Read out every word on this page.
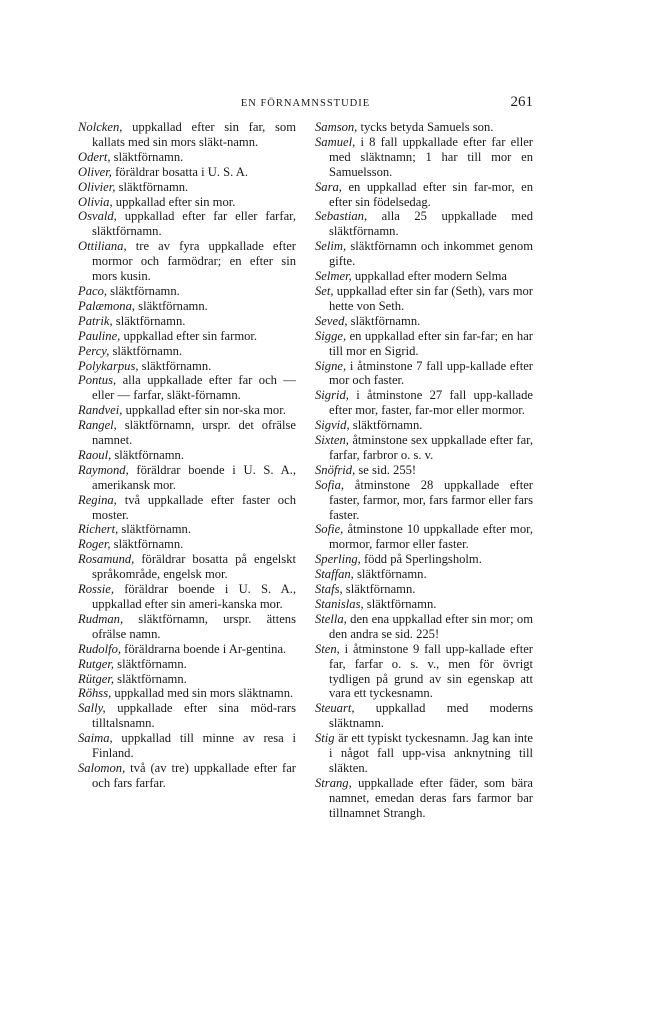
EN FÖRNAMNSSTUDIE	261

Nolcken, uppkallad efter sin far, som kallats med sin mors släkt-namn.

Odert, släktförnamn.

Oliver, föräldrar bosatta i U. S. A.

Olivier, släktförnamn.

Olivia, uppkallad efter sin mor.

Osvald, uppkallad efter far eller farfar, släktförnamn.

Ottiliana, tre av fyra uppkallade efter mormor och farmödrar; en efter sin mors kusin.

Paco, släktförnamn.

Palæmona, släktförnamn.

Patrik, släktförnamn.

Pauline, uppkallad efter sin farmor.

Percy, släktförnamn.

Polykarpus, släktförnamn.

Pontus, alla uppkallade efter far och — eller — farfar, släkt-förnamn.

Randvei, uppkallad efter sin nor-ska mor.

Rangel, släktförnamn, urspr. det ofrälse namnet.

Raoul, släktförnamn.

Raymond, föräldrar boende i U. S. A., amerikansk mor.

Regina, två uppkallade efter faster och moster.

Richert, släktförnamn.

Roger, släktförnamn.

Rosamund, föräldrar bosatta på engelskt språkområde, engelsk mor.

Rossie, föräldrar boende i U. S. A., uppkallad efter sin ameri-kanska mor.

Rudman, släktförnamn, urspr. ättens ofrälse namn.

Rudolfo, föräldrarna boende i Ar-gentina.

Rutger, släktförnamn.

Rütger, släktförnamn.

Röhss, uppkallad med sin mors släktnamn.

Sally, uppkallade efter sina möd-rars tilltalsnamn.

Saima, uppkallad till minne av resa i Finland.

Salomon, två (av tre) uppkallade efter far och fars farfar.

Samson, tycks betyda Samuels son.

Samuel, i 8 fall uppkallade efter far eller med släktnamn; 1 har till mor en Samuelsson.

Sara, en uppkallad efter sin far-mor, en efter sin födelsedag.

Sebastian, alla 25 uppkallade med släktförnamn.

Selim, släktförnamn och inkommet genom gifte.

Selmer, uppkallad efter modern Selma

Set, uppkallad efter sin far (Seth), vars mor hette von Seth.

Seved, släktförnamn.

Sigge, en uppkallad efter sin far-far; en har till mor en Sigrid.

Signe, i åtminstone 7 fall upp-kallade efter mor och faster.

Sigrid, i åtminstone 27 fall upp-kallade efter mor, faster, far-mor eller mormor.

Sigvid, släktförnamn.

Sixten, åtminstone sex uppkallade efter far, farfar, farbror o. s. v.

Snöfrid, se sid. 255!

Sofia, åtminstone 28 uppkallade efter faster, farmor, mor, fars farmor eller fars faster.

Sofie, åtminstone 10 uppkallade efter mor, mormor, farmor eller faster.

Sperling, född på Sperlingsholm.

Staffan, släktförnamn.

Stafs, släktförnamn.

Stanislas, släktförnamn.

Stella, den ena uppkallad efter sin mor; om den andra se sid. 225!

Sten, i åtminstone 9 fall upp-kallade efter far, farfar o. s. v., men för övrigt tydligen på grund av sin egenskap att vara ett tyckesnamn.

Steuart, uppkallad med moderns släktnamn.

Stig är ett typiskt tyckesnamn. Jag kan inte i något fall upp-visa anknytning till släkten.

Strang, uppkallade efter fäder, som bära namnet, emedan deras fars farmor bar tillnamnet Strangh.
